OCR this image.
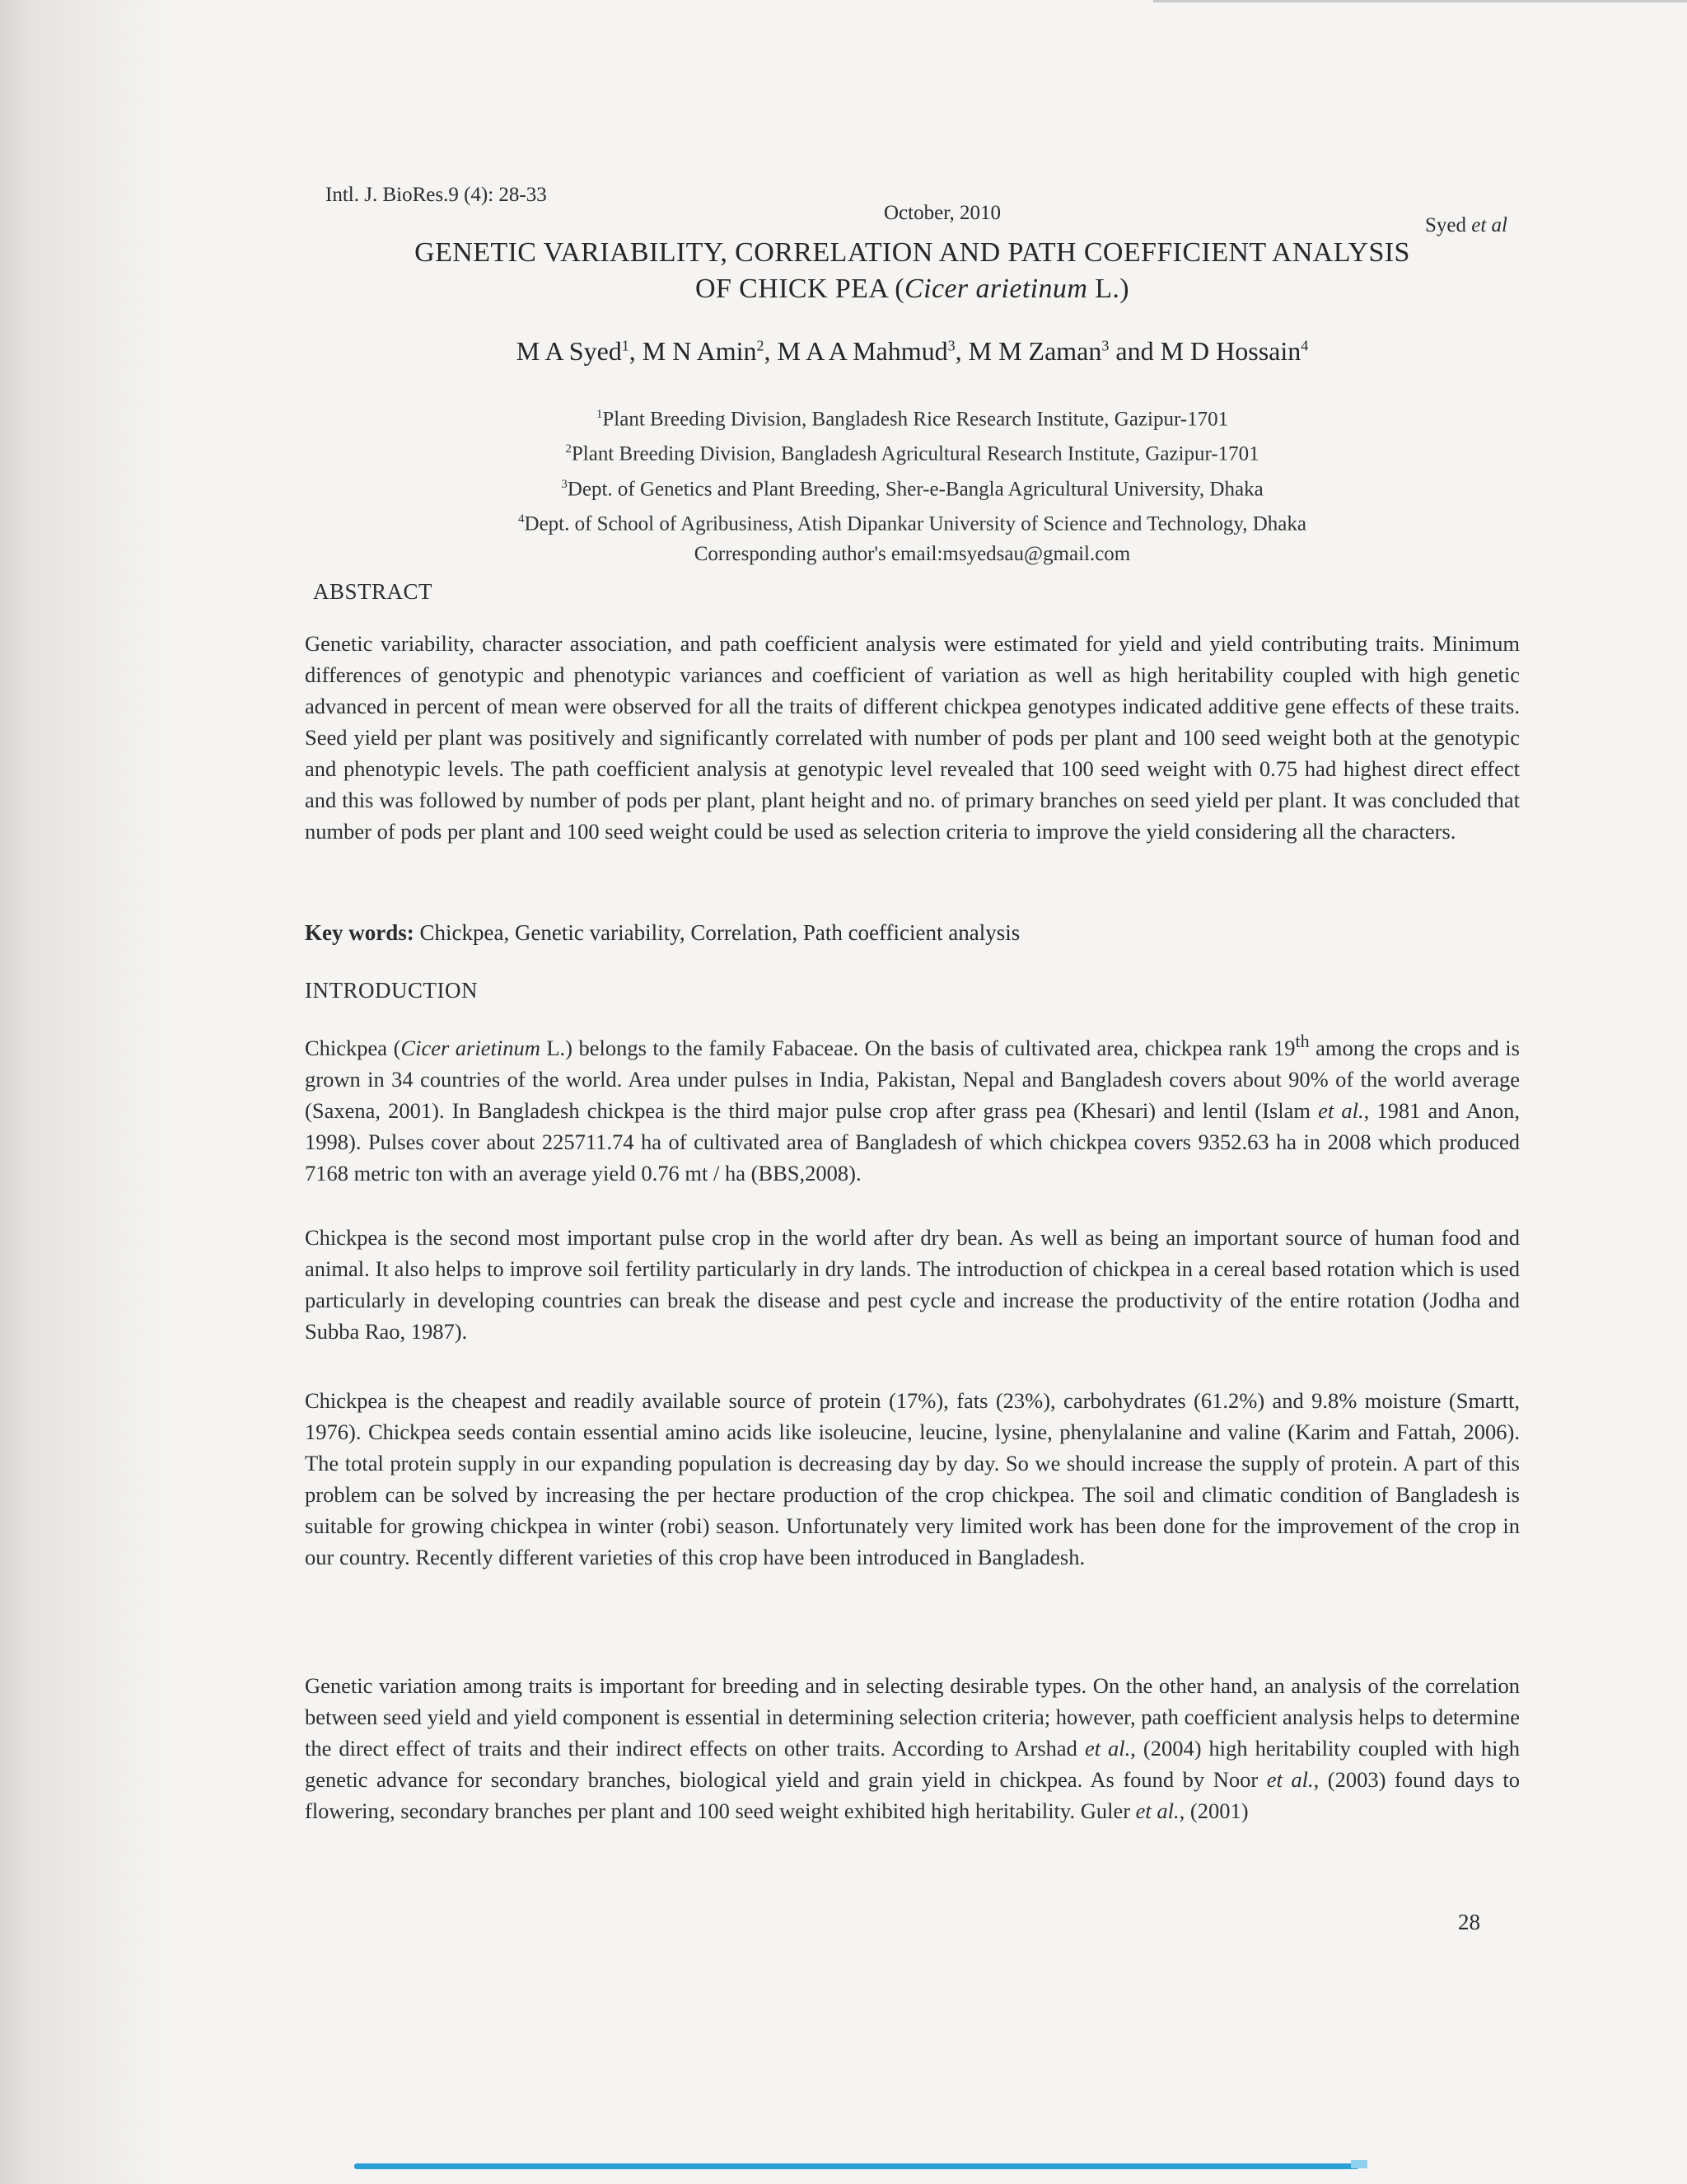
Intl. J. BioRes.9 (4): 28-33
October, 2010
Syed et al
GENETIC VARIABILITY, CORRELATION AND PATH COEFFICIENT ANALYSIS
OF CHICK PEA (Cicer arietinum L.)
M A Syed$^1$, M N Amin$^2$, M A A Mahmud$^3$, M M Zaman$^3$ and M D Hossain$^4$
$^1$Plant Breeding Division, Bangladesh Rice Research Institute, Gazipur-1701
$^2$Plant Breeding Division, Bangladesh Agricultural Research Institute, Gazipur-1701
$^3$Dept. of Genetics and Plant Breeding, Sher-e-Bangla Agricultural University, Dhaka
$^4$Dept. of School of Agribusiness, Atish Dipankar University of Science and Technology, Dhaka
Corresponding author's email:msyedsau@gmail.com
ABSTRACT

Genetic variability, character association, and path coefficient analysis were estimated for yield and yield contributing traits. Minimum differences of genotypic and phenotypic variances and coefficient of variation as well as high heritability coupled with high genetic advanced in percent of mean were observed for all the traits of different chickpea genotypes indicated additive gene effects of these traits. Seed yield per plant was positively and significantly correlated with number of pods per plant and 100 seed weight both at the genotypic and phenotypic levels. The path coefficient analysis at genotypic level revealed that 100 seed weight with 0.75 had highest direct effect and this was followed by number of pods per plant, plant height and no. of primary branches on seed yield per plant. It was concluded that number of pods per plant and 100 seed weight could be used as selection criteria to improve the yield considering all the characters.

Key words: Chickpea, Genetic variability, Correlation, Path coefficient analysis
INTRODUCTION

Chickpea (Cicer arietinum L.) belongs to the family Fabaceae. On the basis of cultivated area, chickpea rank 19th among the crops and is grown in 34 countries of the world. Area under pulses in India, Pakistan, Nepal and Bangladesh covers about 90% of the world average (Saxena, 2001). In Bangladesh chickpea is the third major pulse crop after grass pea (Khesari) and lentil (Islam et al., 1981 and Anon, 1998). Pulses cover about 225711.74 ha of cultivated area of Bangladesh of which chickpea covers 9352.63 ha in 2008 which produced 7168 metric ton with an average yield 0.76 mt / ha (BBS,2008).

Chickpea is the second most important pulse crop in the world after dry bean. As well as being an important source of human food and animal. It also helps to improve soil fertility particularly in dry lands. The introduction of chickpea in a cereal based rotation which is used particularly in developing countries can break the disease and pest cycle and increase the productivity of the entire rotation (Jodha and Subba Rao, 1987).

Chickpea is the cheapest and readily available source of protein (17%), fats (23%), carbohydrates (61.2%) and 9.8% moisture (Smartt, 1976). Chickpea seeds contain essential amino acids like isoleucine, leucine, lysine, phenylalanine and valine (Karim and Fattah, 2006). The total protein supply in our expanding population is decreasing day by day. So we should increase the supply of protein. A part of this problem can be solved by increasing the per hectare production of the crop chickpea. The soil and climatic condition of Bangladesh is suitable for growing chickpea in winter (robi) season. Unfortunately very limited work has been done for the improvement of the crop in our country. Recently different varieties of this crop have been introduced in Bangladesh.

Genetic variation among traits is important for breeding and in selecting desirable types. On the other hand, an analysis of the correlation between seed yield and yield component is essential in determining selection criteria; however, path coefficient analysis helps to determine the direct effect of traits and their indirect effects on other traits. According to Arshad et al., (2004) high heritability coupled with high genetic advance for secondary branches, biological yield and grain yield in chickpea. As found by Noor et al., (2003) found days to flowering, secondary branches per plant and 100 seed weight exhibited high heritability. Guler et al., (2001)

28
